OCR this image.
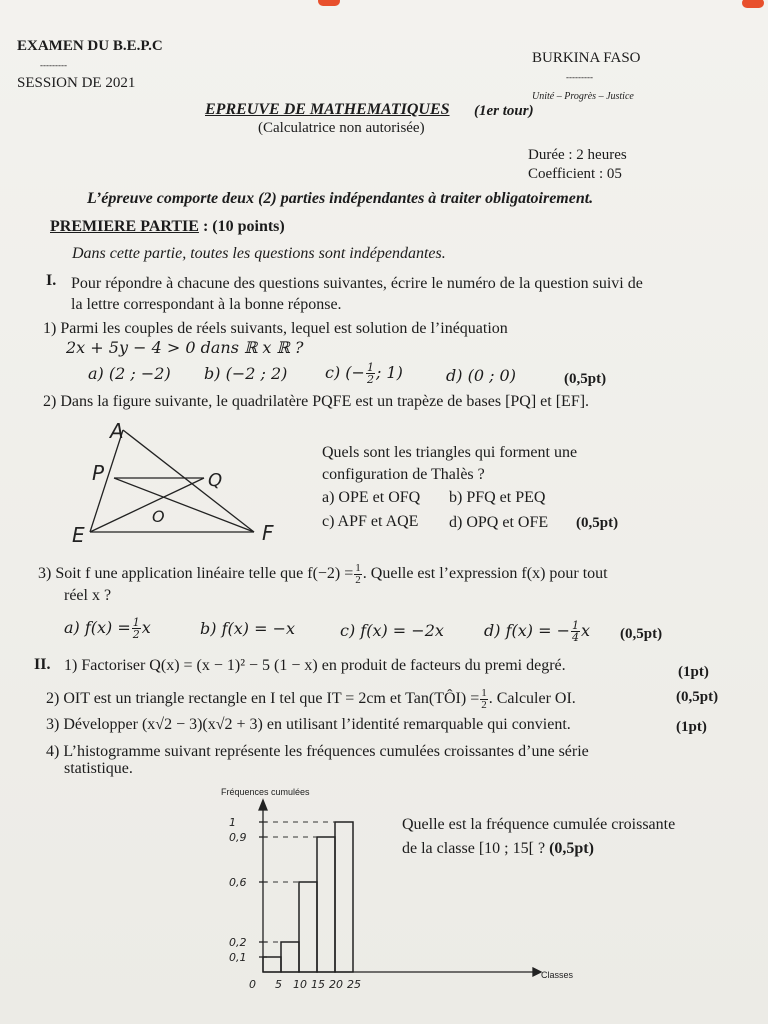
EXAMEN DU B.E.P.C
---------
SESSION DE 2021
BURKINA FASO
---------
Unité – Progrès – Justice
EPREUVE DE MATHEMATIQUES (1er tour)
(Calculatrice non autorisée)
Durée : 2 heures
Coefficient : 05
L’épreuve comporte deux (2) parties indépendantes à traiter obligatoirement.
PREMIERE PARTIE : (10 points)
Dans cette partie, toutes les questions sont indépendantes.
I. Pour répondre à chacune des questions suivantes, écrire le numéro de la question suivi de
la lettre correspondant à la bonne réponse.
1) Parmi les couples de réels suivants, lequel est solution de l’inéquation
2x + 5y − 4 > 0 dans ℝ x ℝ ?
a) (2 ; −2) b) (−2 ; 2) c) (− $\frac{1}{2}$ ; 1)	d) (0 ; 0)	(0,5pt)
2) Dans la figure suivante, le quadrilatère PQFE est un trapèze de bases [PQ] et [EF].
A
P	Q
O
E	F
Quels sont les triangles qui forment une
configuration de Thalès ?
a) OPE et OFQ b) PFQ et PEQ
c) APF et AQE d) OPQ et OFE (0,5pt)
3) Soit f une application linéaire telle que $f(-2) = \frac{1}{2}$ . Quelle est l’expression f(x) pour tout
réel x ?
a) $f(x) = \frac{1}{2}$ x	b) f(x) = −x	c) f(x) = −2x	d) f(x) = − $\frac{1}{4}$ x (0,5pt)
II. 1) Factoriser Q(x) = (x − 1)² − 5 (1 − x) en produit de facteurs du premi degré.	(1pt)
2) OIT est un triangle rectangle en I tel que IT = 2cm et Tan(TÔI) = $\frac{1}{2}$ . Calculer OI.	(0,5pt)
3) Développer (x√2 − 3)(x√2 + 3) en utilisant l’identité remarquable qui convient.	(1pt)
4) L’histogramme suivant représente les fréquences cumulées croissantes d’une série
statistique.
Fréquences cumulées
Classes
0,1
0,2
0,6
0,9
1
0 5 10 15 20 25
Quelle est la fréquence cumulée croissante
de la classe [10 ; 15[ ? (0,5pt)
